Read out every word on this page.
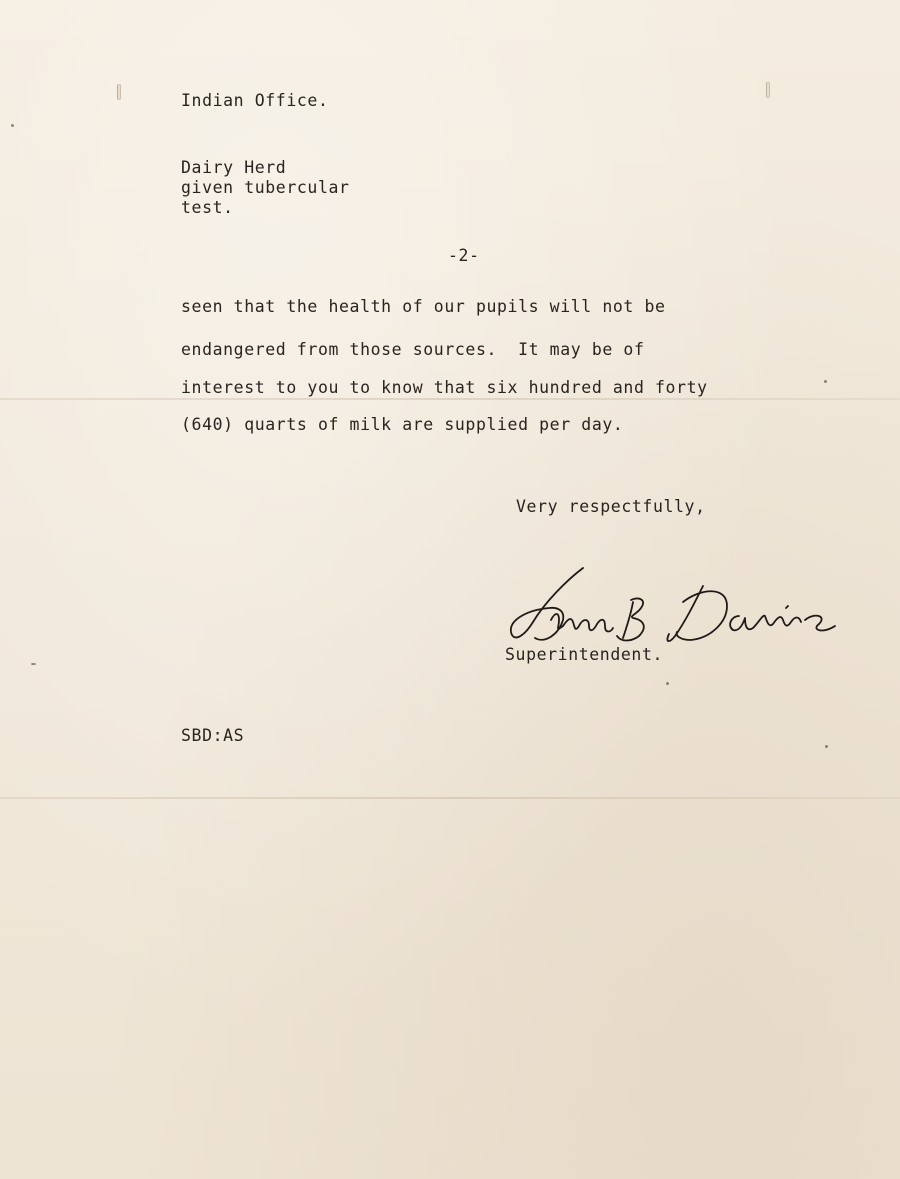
Indian Office.
Dairy Herd
given tubercular
test.
-2-
seen that the health of our pupils will not be
endangered from those sources.  It may be of
interest to you to know that six hundred and forty
(640) quarts of milk are supplied per day.
Very respectfully,
Superintendent.
SBD:AS
